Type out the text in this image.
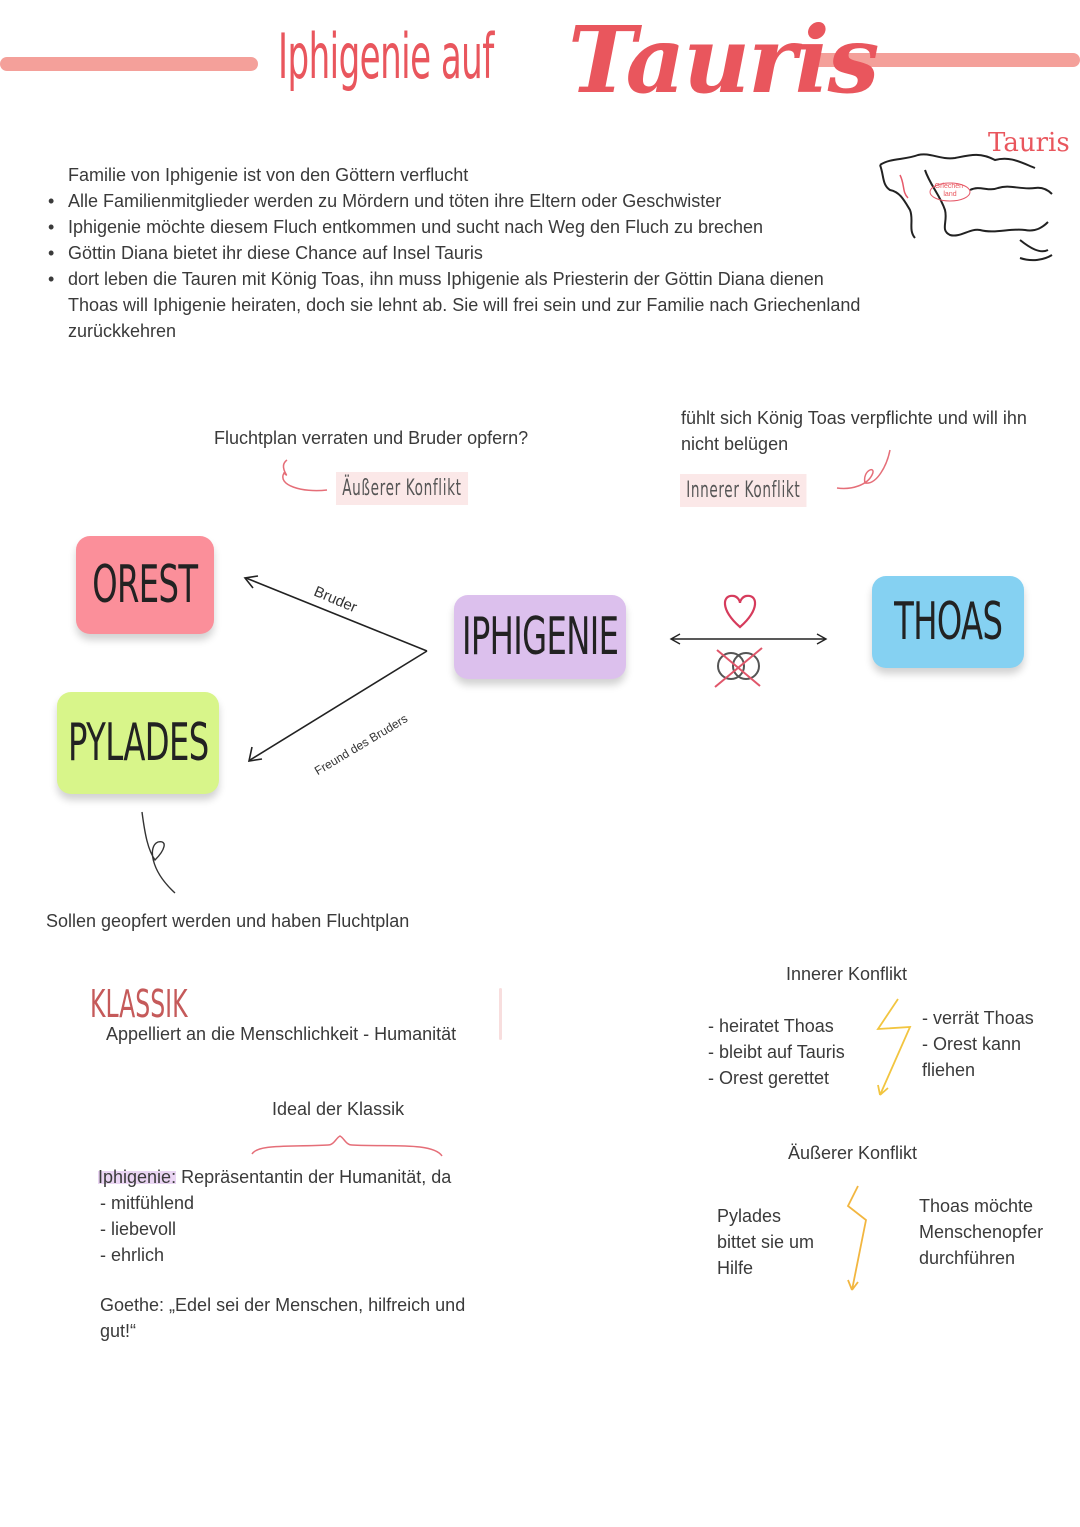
Iphigenie auf Tauris
Tauris
Griechen-land
Familie von Iphigenie ist von den Göttern verflucht
• Alle Familienmitglieder werden zu Mördern und töten ihre Eltern oder Geschwister
• Iphigenie möchte diesem Fluch entkommen und sucht nach Weg den Fluch zu brechen
• Göttin Diana bietet ihr diese Chance auf Insel Tauris
• dort leben die Tauren mit König Toas, ihn muss Iphigenie als Priesterin der Göttin Diana dienen
Thoas will Iphigenie heiraten, doch sie lehnt ab. Sie will frei sein und zur Familie nach Griechenland
zurückkehren
Fluchtplan verraten und Bruder opfern?
Äußerer Konflikt
fühlt sich König Toas verpflichte und will ihn
nicht belügen
Innerer Konflikt
OREST
PYLADES
IPHIGENIE	THOAS
Bruder
Freund des Bruders
Sollen geopfert werden und haben Fluchtplan
KLASSIK
Appelliert an die Menschlichkeit - Humanität
Ideal der Klassik
Iphigenie: Repräsentantin der Humanität, da
- mitfühlend
- liebevoll
- ehrlich
Goethe: „Edel sei der Menschen, hilfreich und
gut!“
Innerer Konflikt
- heiratet Thoas
- bleibt auf Tauris
- Orest gerettet
- verrät Thoas
- Orest kann
fliehen
Äußerer Konflikt
Pylades
bittet sie um
Hilfe
Thoas möchte
Menschenopfer
durchführen
